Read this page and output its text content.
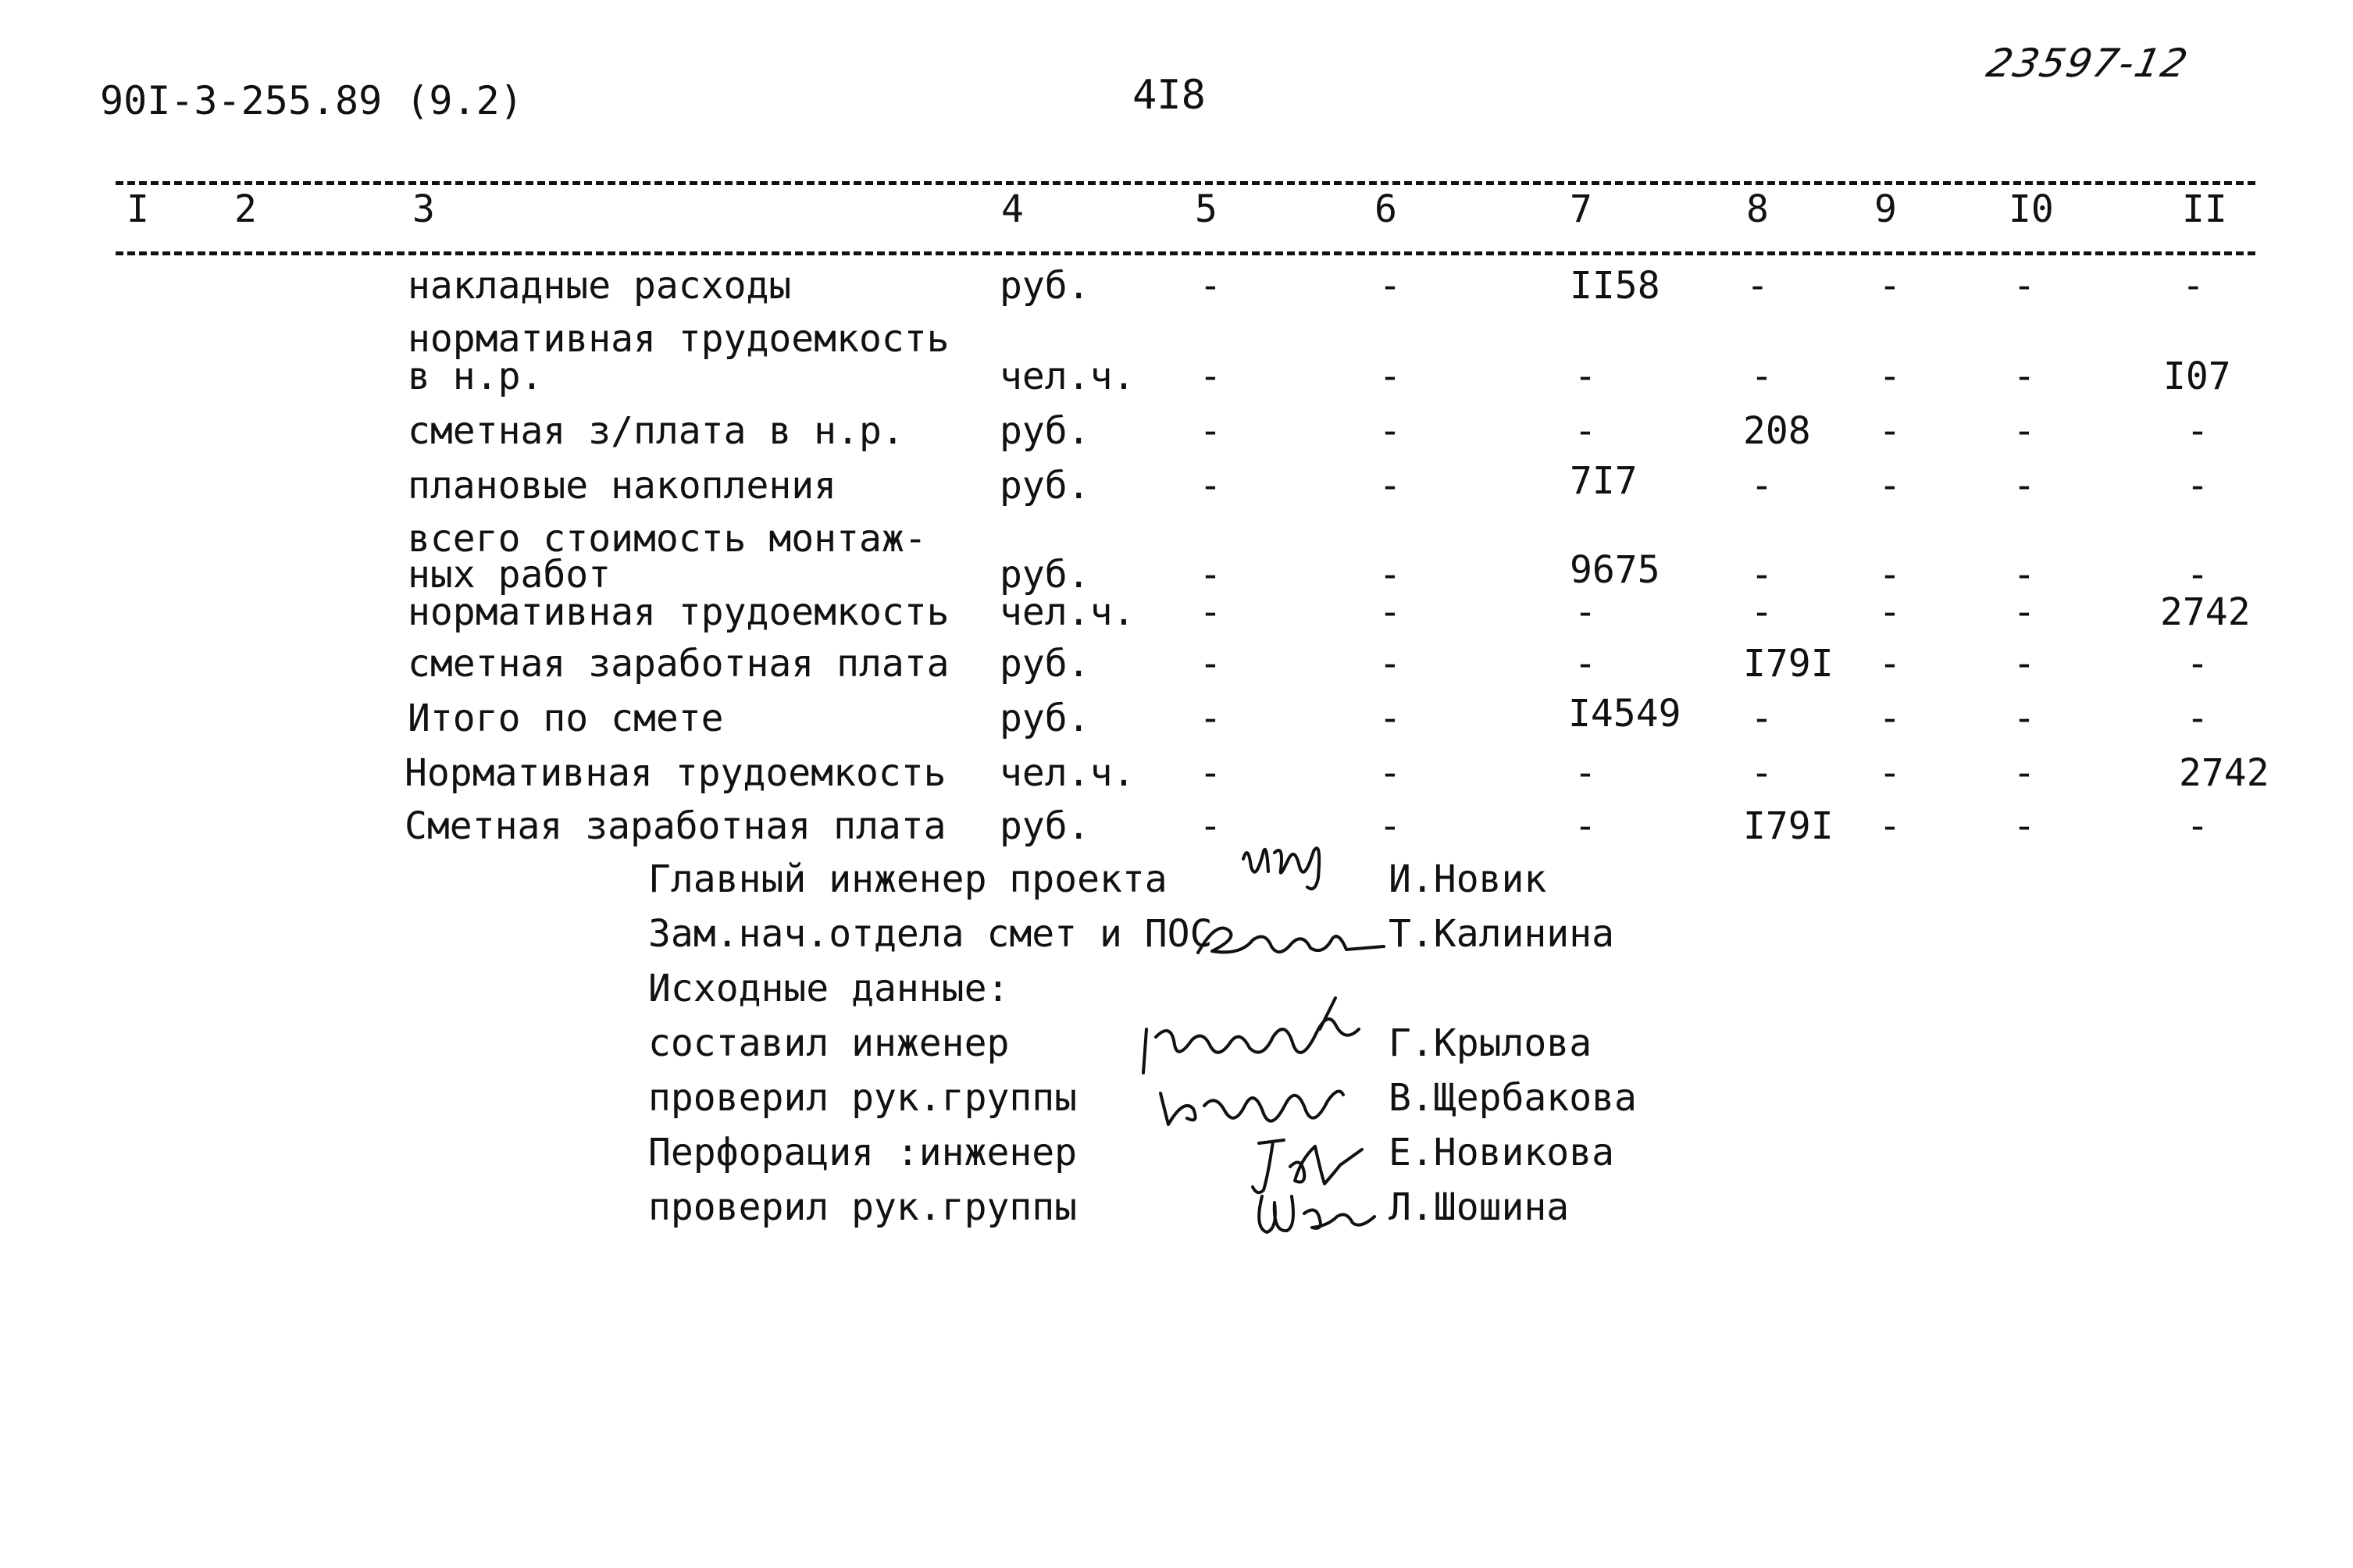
90I-3-255.89 (9.2)	4I8
23597-12
I 2	3	4	5	6	7	8	9	I0	II
накладные расходы	руб.	-	-	II58	-	-	-	-
нормативная трудоемкость
в н.р.	чел.ч.	-	-	-	-	-	-	I07
сметная з/плата в н.р.	руб.	-	-	-	208	-	-	-
плановые накопления	руб.	-	-	7I7	-	-	-	-
всего стоимость монтаж-
ных работ	руб.	-	-	9675	-	-	-	-
нормативная трудоемкость чел.ч.	-	-	-	-	-	-	2742
сметная заработная плата руб.	-	-	-	I79I	-	-	-
Итого по смете	руб.	-	-	I4549	-	-	-	-
Нормативная трудоемкость чел.ч.	-	-	-	-	-	-	2742
Сметная заработная плата руб.	-	-	-	I79I	-	-	-
Главный инженер проекта	И.Новик
Зам.нач.отдела смет и ПОС	Т.Калинина
Исходные данные:
составил инженер	Г.Крылова
проверил рук.группы	В.Щербакова
Перфорация :инженер	Е.Новикова
проверил рук.группы	Л.Шошина
